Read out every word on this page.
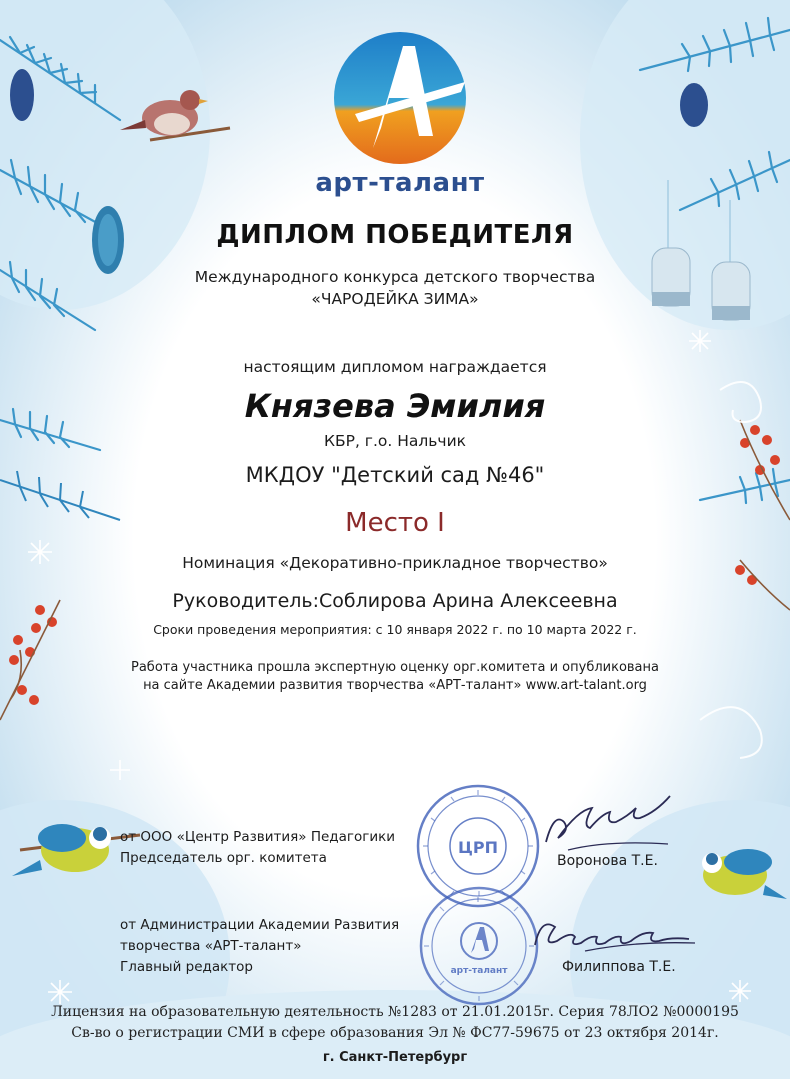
арт-талант
ДИПЛОМ ПОБЕДИТЕЛЯ
Международного конкурса детского творчества
«ЧАРОДЕЙКА ЗИМА»
настоящим дипломом награждается
Князева Эмилия
КБР, г.о. Нальчик
МКДОУ "Детский сад №46"
Место I
Номинация «Декоративно-прикладное творчество»
Руководитель:Соблирова Арина Алексеевна
Сроки проведения мероприятия: с 10 января 2022 г. по 10 марта 2022 г.
Работа участника прошла экспертную оценку орг.комитета и опубликована
на сайте Академии развития творчества «АРТ-талант» www.art-talant.org
от ООО «Центр Развития» Педагогики
Председатель орг. комитета	Воронова Т.Е.
от Администрации Академии Развития
творчества «АРТ-талант»
Главный редактор	Филиппова Т.Е.
ЦРП
арт-талант
Лицензия на образовательную деятельность №1283 от 21.01.2015г. Серия 78ЛО2 №0000195
Св-во о регистрации СМИ в сфере образования Эл № ФС77-59675 от 23 октября 2014г.
г. Санкт-Петербург
